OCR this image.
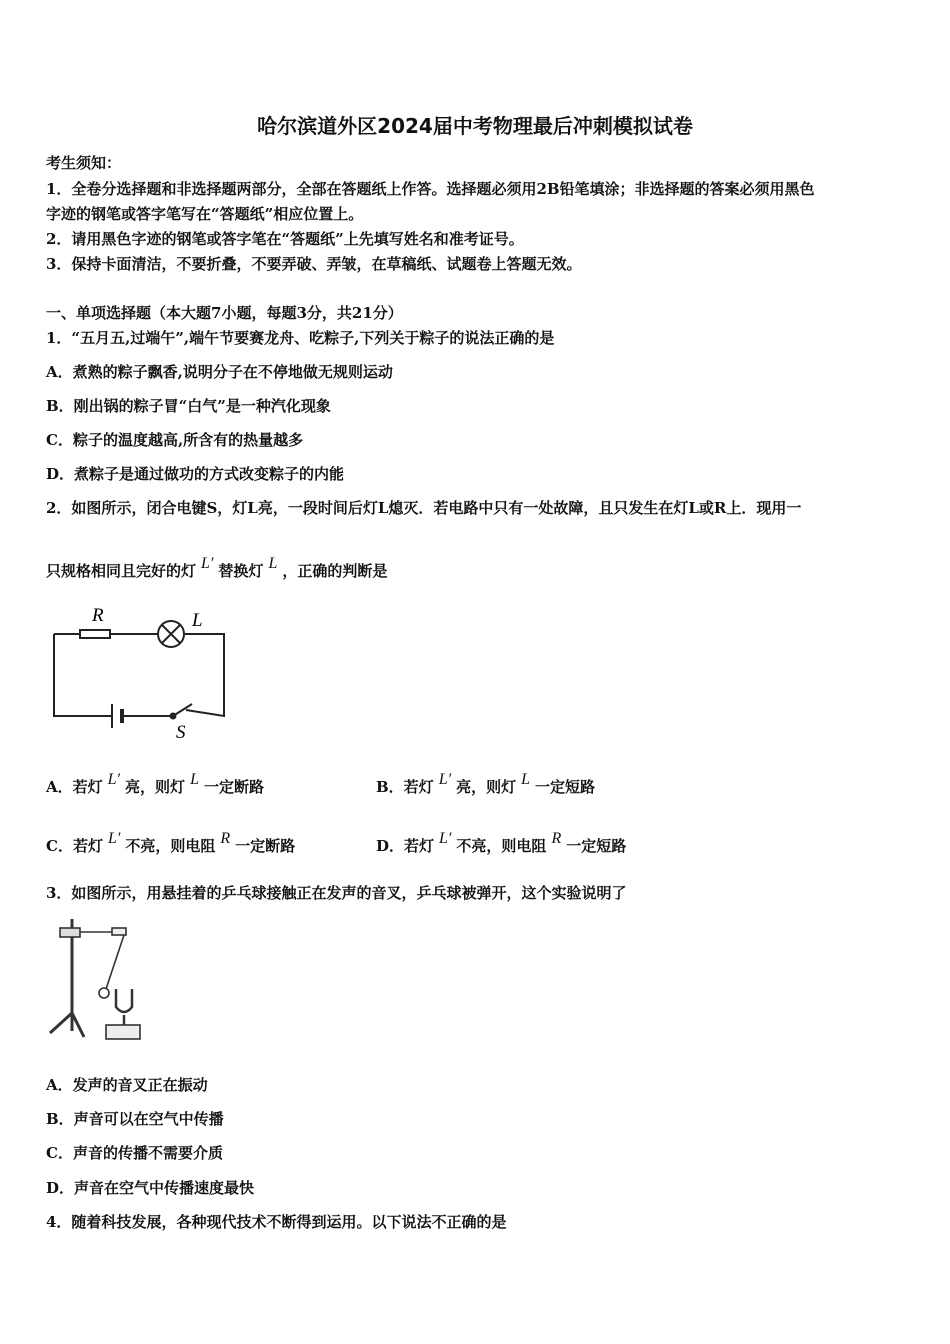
哈尔滨道外区2024届中考物理最后冲刺模拟试卷
考生须知：
1．全卷分选择题和非选择题两部分，全部在答题纸上作答。选择题必须用2B铅笔填涂；非选择题的答案必须用黑色
字迹的钢笔或答字笔写在“答题纸”相应位置上。
2．请用黑色字迹的钢笔或答字笔在“答题纸”上先填写姓名和准考证号。
3．保持卡面清洁，不要折叠，不要弄破、弄皱，在草稿纸、试题卷上答题无效。
一、单项选择题（本大题7小题，每题3分，共21分）
1．“五月五,过端午”,端午节要赛龙舟、吃粽子,下列关于粽子的说法正确的是
A．煮熟的粽子飘香,说明分子在不停地做无规则运动
B．刚出锅的粽子冒“白气”是一种汽化现象
C．粽子的温度越高,所含有的热量越多
D．煮粽子是通过做功的方式改变粽子的内能
2．如图所示，闭合电键S，灯L亮，一段时间后灯L熄灭．若电路中只有一处故障，且只发生在灯L或R上．现用一
只规格相同且完好的灯 L′ 替换灯 L ，正确的判断是
R	L
S
A．若灯 L′ 亮，则灯 L 一定断路	B．若灯 L′ 亮，则灯 L 一定短路
C．若灯 L′ 不亮，则电阻 R 一定断路	D．若灯 L′ 不亮，则电阻 R 一定短路
3．如图所示，用悬挂着的乒乓球接触正在发声的音叉，乒乓球被弹开，这个实验说明了
A．发声的音叉正在振动
B．声音可以在空气中传播
C．声音的传播不需要介质
D．声音在空气中传播速度最快
4．随着科技发展，各种现代技术不断得到运用。以下说法不正确的是
